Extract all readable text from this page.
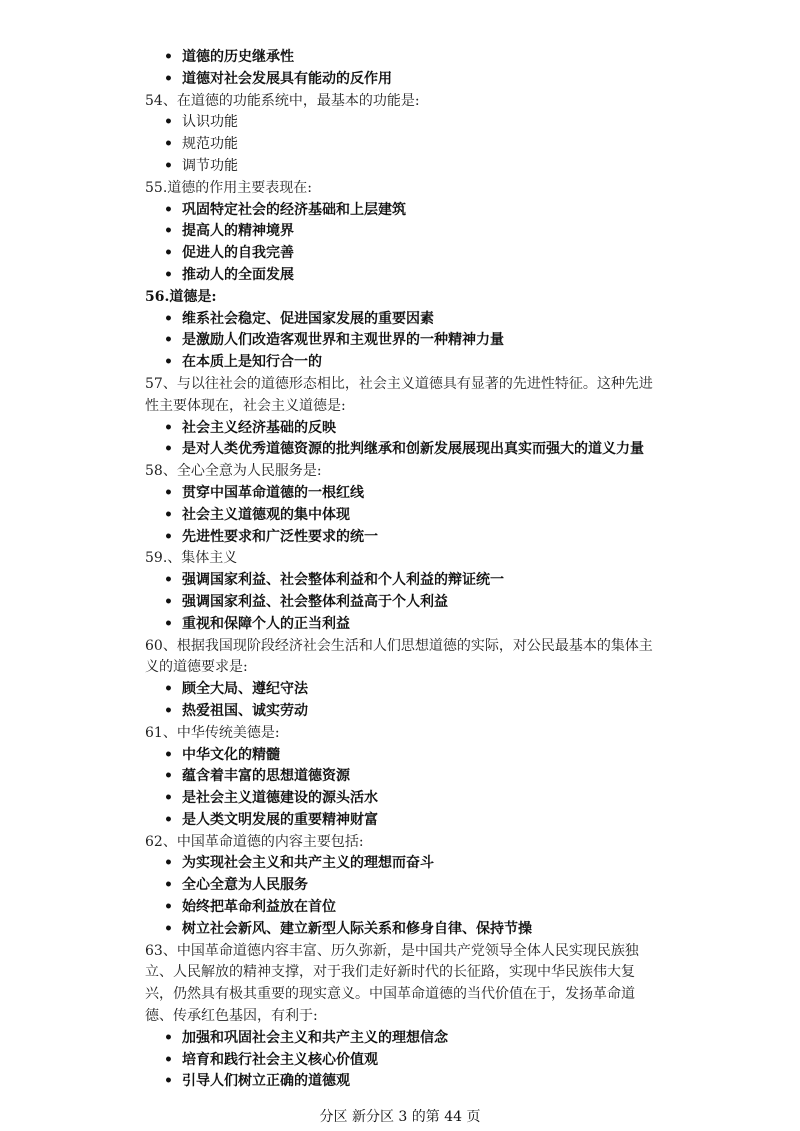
• 道德的历史继承性
• 道德对社会发展具有能动的反作用
54、在道德的功能系统中，最基本的功能是:
• 认识功能
• 规范功能
• 调节功能
55.道德的作用主要表现在:
• 巩固特定社会的经济基础和上层建筑
• 提高人的精神境界
• 促进人的自我完善
• 推动人的全面发展
56.道德是:
• 维系社会稳定、促进国家发展的重要因素
• 是激励人们改造客观世界和主观世界的一种精神力量
• 在本质上是知行合一的
57、与以往社会的道德形态相比，社会主义道德具有显著的先进性特征。这种先进性主要体现在，社会主义道德是:
• 社会主义经济基础的反映
• 是对人类优秀道德资源的批判继承和创新发展展现出真实而强大的道义力量
58、全心全意为人民服务是:
• 贯穿中国革命道德的一根红线
• 社会主义道德观的集中体现
• 先进性要求和广泛性要求的统一
59.、集体主义
• 强调国家利益、社会整体利益和个人利益的辩证统一
• 强调国家利益、社会整体利益高于个人利益
• 重视和保障个人的正当利益
60、根据我国现阶段经济社会生活和人们思想道德的实际，对公民最基本的集体主义的道德要求是:
• 顾全大局、遵纪守法
• 热爱祖国、诚实劳动
61、中华传统美德是:
• 中华文化的精髓
• 蕴含着丰富的思想道德资源
• 是社会主义道德建设的源头活水
• 是人类文明发展的重要精神财富
62、中国革命道德的内容主要包括:
• 为实现社会主义和共产主义的理想而奋斗
• 全心全意为人民服务
• 始终把革命利益放在首位
• 树立社会新风、建立新型人际关系和修身自律、保持节操
63、中国革命道德内容丰富、历久弥新，是中国共产党领导全体人民实现民族独立、人民解放的精神支撑，对于我们走好新时代的长征路，实现中华民族伟大复兴，仍然具有极其重要的现实意义。中国革命道德的当代价值在于，发扬革命道德、传承红色基因，有利于:
• 加强和巩固社会主义和共产主义的理想信念
• 培育和践行社会主义核心价值观
• 引导人们树立正确的道德观
分区 新分区 3 的第 44 页
